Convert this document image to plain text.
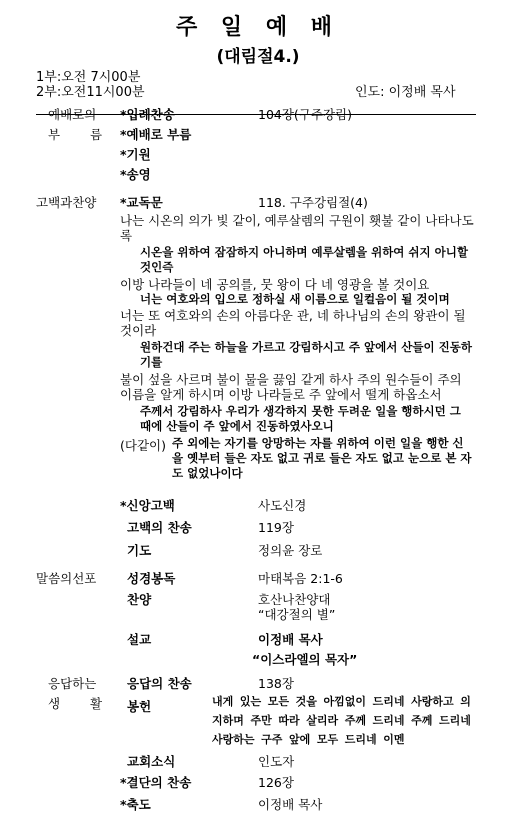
주 일 예 배
(대림절4.)
1부:오전 7시00분
2부:오전11시00분	인도: 이정배 목사
예배로의
부 름
*입례찬송	104장(구주강림)
*예배로 부름
*기원
*송영
고백과찬양 *교독문	118. 구주강림절(4)
나는 시온의 의가 빛 같이, 예루살렘의 구원이 횃불 같이 나타나도록
시온을 위하여 잠잠하지 아니하며 예루살렘을 위하여 쉬지 아니할 것인즉
이방 나라들이 네 공의를, 뭇 왕이 다 네 영광을 볼 것이요
너는 여호와의 입으로 정하실 새 이름으로 일컬음이 될 것이며
너는 또 여호와의 손의 아름다운 관, 네 하나님의 손의 왕관이 될 것이라
원하건대 주는 하늘을 가르고 강림하시고 주 앞에서 산들이 진동하기를
불이 섶을 사르며 불이 물을 끓임 같게 하사 주의 원수들이 주의 이름을 알게 하시며 이방 나라들로 주 앞에서 떨게 하옵소서
주께서 강림하사 우리가 생각하지 못한 두려운 일을 행하시던 그 때에 산들이 주 앞에서 진동하였사오니
(다같이) 주 외에는 자기를 앙망하는 자를 위하여 이런 일을 행한 신을 옛부터 들은 자도 없고 귀로 들은 자도 없고 눈으로 본 자도 없었나이다
*신앙고백	사도신경
고백의 찬송	119장
기도	정의윤 장로
말씀의선포 성경봉독	마태복음 2:1-6
찬양	호산나찬양대
“대강절의 별”
설교	이정배 목사
“이스라엘의 목자”
응답하는
생 활
응답의 찬송	138장
봉헌	내게 있는 모든 것을 아낌없이 드리네 사랑하고 의지하며 주만 따라 살리라 주께 드리네 주께 드리네 사랑하는 구주 앞에 모두 드리네 이멘
교회소식	인도자
*결단의 찬송	126장
*축도	이정배 목사
